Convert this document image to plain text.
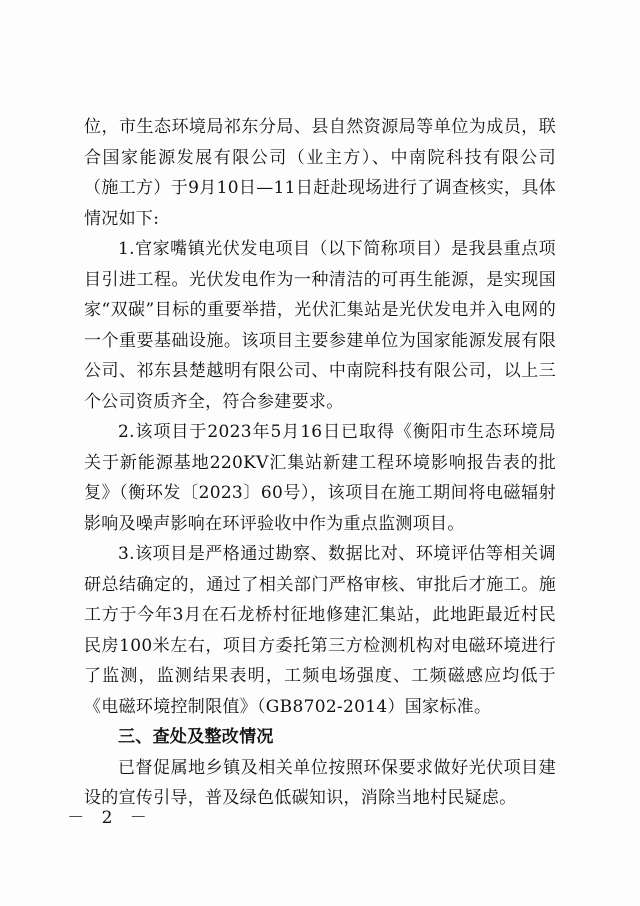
位，市生态环境局祁东分局、县自然资源局等单位为成员，联合国家能源发展有限公司（业主方）、中南院科技有限公司（施工方）于9月10日—11日赶赴现场进行了调查核实，具体情况如下:

1.官家嘴镇光伏发电项目（以下简称项目）是我县重点项目引进工程。光伏发电作为一种清洁的可再生能源，是实现国家“双碳”目标的重要举措，光伏汇集站是光伏发电并入电网的一个重要基础设施。该项目主要参建单位为国家能源发展有限公司、祁东县楚越明有限公司、中南院科技有限公司，以上三个公司资质齐全，符合参建要求。

2.该项目于2023年5月16日已取得《衡阳市生态环境局关于新能源基地220KV汇集站新建工程环境影响报告表的批复》（衡环发〔2023〕60号），该项目在施工期间将电磁辐射影响及噪声影响在环评验收中作为重点监测项目。

3.该项目是严格通过勘察、数据比对、环境评估等相关调研总结确定的，通过了相关部门严格审核、审批后才施工。施工方于今年3月在石龙桥村征地修建汇集站，此地距最近村民民房100米左右，项目方委托第三方检测机构对电磁环境进行了监测，监测结果表明，工频电场强度、工频磁感应均低于《电磁环境控制限值》（GB8702-2014）国家标准。

三、查处及整改情况

已督促属地乡镇及相关单位按照环保要求做好光伏项目建设的宣传引导，普及绿色低碳知识，消除当地村民疑虑。

－ 2 －
